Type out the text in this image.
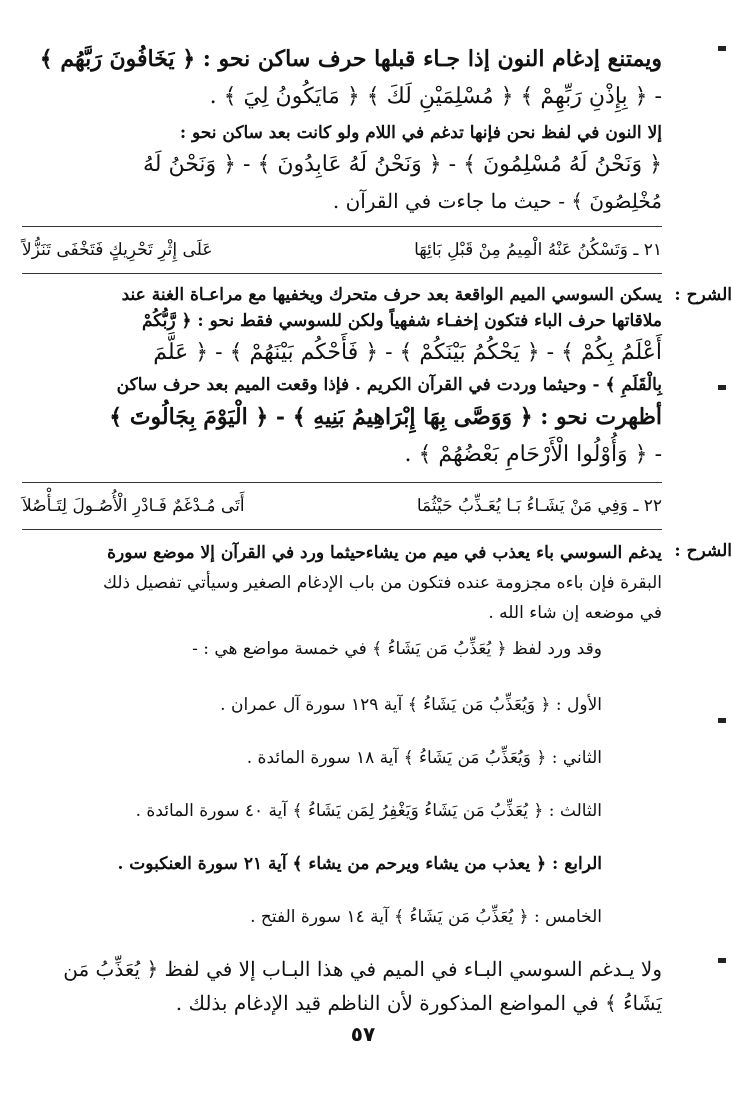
ويمتنع إدغام النون إذا جـاء قبلها حرف ساكن نحو : ﴿ يَخَافُونَ رَبَّهُم ﴾

- ﴿ بِإِذْنِ رَبِّهِمْ ﴾ ﴿ مُسْلِمَيْنِ لَكَ ﴾ ﴿ مَايَكُونُ لِيَ ﴾ .

إلا النون في لفظ نحن فإنها تدغم في اللام ولو كانت بعد ساكن نحو :

﴿ وَنَحْنُ لَهُ مُسْلِمُونَ ﴾ - ﴿ وَنَحْنُ لَهُ عَابِدُونَ ﴾ - ﴿ وَنَحْنُ لَهُ

مُخْلِصُونَ ﴾ - حيث ما جاءت في القرآن .

٢١ ـ وَتَسْكُنُ عَنْهُ الْمِيمُ مِنْ قَبْلِ بَائِهَا
عَلَى إِثْرِ تَحْرِيكٍ فَتَخْفَى تَنَزُّلاً
الشرح :

يسكن السوسي الميم الواقعة بعد حرف متحرك ويخفيها مع مراعـاة الغنة عند

ملاقاتها حرف الباء فتكون إخفـاء شفهياً ولكن للسوسي فقط نحو : ﴿ رَّبُّكُمْ

أَعْلَمُ بِكُمْ ﴾ - ﴿ يَحْكُمُ بَيْنَكُمْ ﴾ - ﴿ فَأَحْكُم بَيْنَهُمْ ﴾ - ﴿ عَلَّمَ

بِالْقَلَمِ ﴾ - وحيثما وردت في القرآن الكريم . فإذا وقعت الميم بعد حرف ساكن

أظهرت نحو : ﴿ وَوَصَّى بِهَا إِبْرَاهِيمُ بَنِيهِ ﴾ - ﴿ الْيَوْمَ بِجَالُوتَ ﴾

- ﴿ وَأُوْلُوا الْأَرْحَامِ بَعْضُهُمْ ﴾ .

٢٢ ـ وَفِي مَنْ يَشَـاءُ بَـا يُعَـذِّبُ حَيْثُمَا
أَتَى مُـدْغَمٌ فَـادْرِ الْأُصُـولَ لِتَـأْصُلاَ
الشرح :

يدغم السوسي باء يعذب في ميم من يشاءحيثما ورد في القرآن إلا موضع سورة

البقرة فإن باءه مجزومة عنده فتكون من باب الإدغام الصغير وسيأتي تفصيل ذلك

في موضعه إن شاء الله .

وقد ورد لفظ ﴿ يُعَذِّبُ مَن يَشَاءُ ﴾ في خمسة مواضع هي : -

الأول : ﴿ وَيُعَذِّبُ مَن يَشَاءُ ﴾ آية ١٢٩ سورة آل عمران .

الثاني : ﴿ وَيُعَذِّبُ مَن يَشَاءُ ﴾ آية ١٨ سورة المائدة .

الثالث : ﴿ يُعَذِّبُ مَن يَشَاءُ وَيَغْفِرُ لِمَن يَشَاءُ ﴾ آية ٤٠ سورة المائدة .

الرابع : ﴿ يعذب من يشاء ويرحم من يشاء ﴾ آية ٢١ سورة العنكبوت .

الخامس : ﴿ يُعَذِّبُ مَن يَشَاءُ ﴾ آية ١٤ سورة الفتح .

ولا يـدغم السوسي البـاء في الميم في هذا البـاب إلا في لفظ ﴿ يُعَذِّبُ مَن

يَشَاءُ ﴾ في المواضع المذكورة لأن الناظم قيد الإدغام بذلك .

٥٧
